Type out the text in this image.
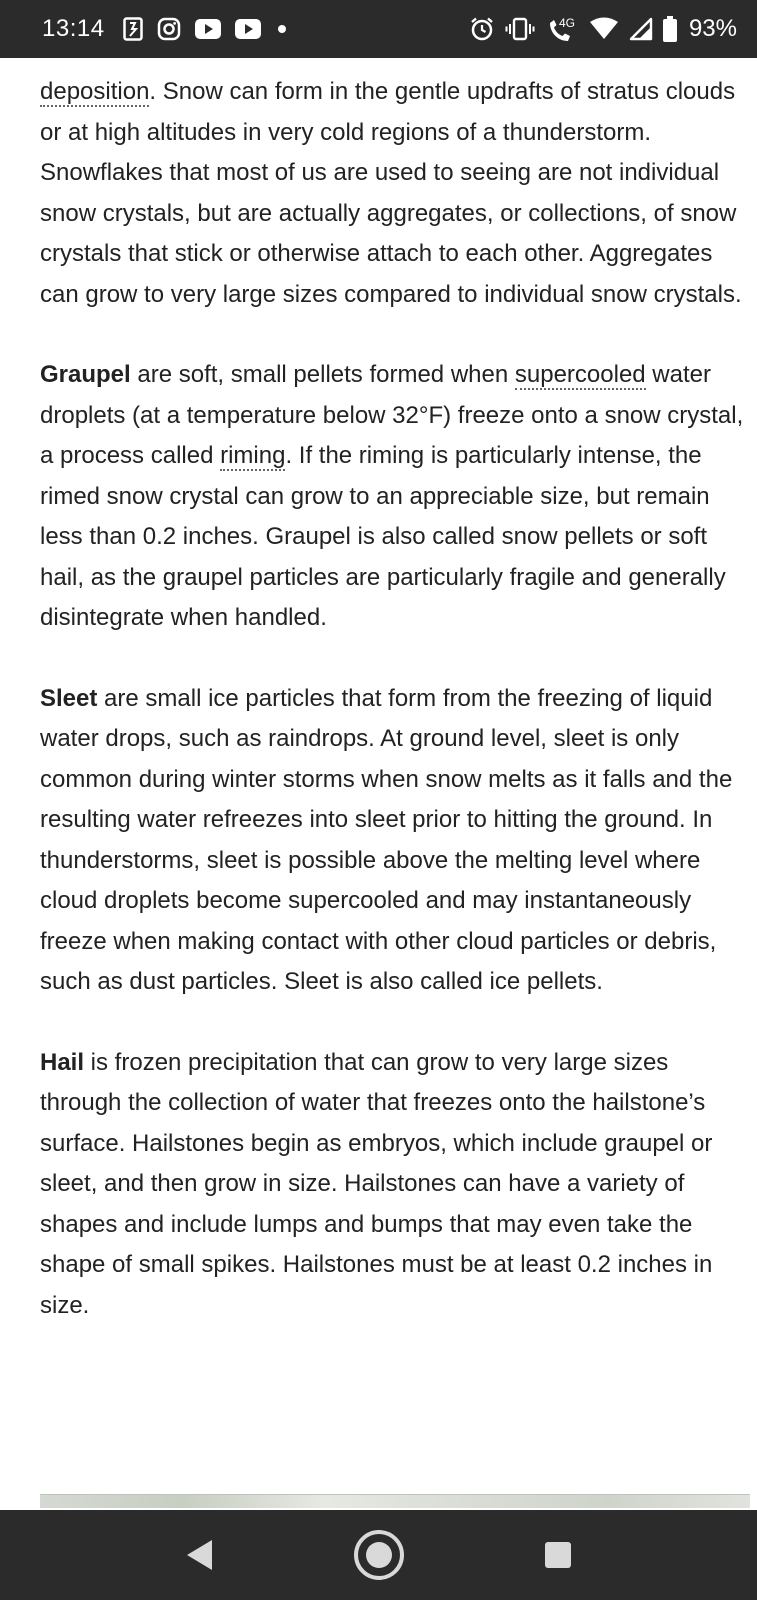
13:14	4G	93%

deposition. Snow can form in the gentle updrafts of stratus clouds or at high altitudes in very cold regions of a thunderstorm. Snowflakes that most of us are used to seeing are not individual snow crystals, but are actually aggregates, or collections, of snow crystals that stick or otherwise attach to each other. Aggregates can grow to very large sizes compared to individual snow crystals.

Graupel are soft, small pellets formed when supercooled water droplets (at a temperature below 32°F) freeze onto a snow crystal, a process called riming. If the riming is particularly intense, the rimed snow crystal can grow to an appreciable size, but remain less than 0.2 inches. Graupel is also called snow pellets or soft hail, as the graupel particles are particularly fragile and generally disintegrate when handled.

Sleet are small ice particles that form from the freezing of liquid water drops, such as raindrops. At ground level, sleet is only common during winter storms when snow melts as it falls and the resulting water refreezes into sleet prior to hitting the ground. In thunderstorms, sleet is possible above the melting level where cloud droplets become supercooled and may instantaneously freeze when making contact with other cloud particles or debris, such as dust particles. Sleet is also called ice pellets.

Hail is frozen precipitation that can grow to very large sizes through the collection of water that freezes onto the hailstone’s surface. Hailstones begin as embryos, which include graupel or sleet, and then grow in size. Hailstones can have a variety of shapes and include lumps and bumps that may even take the shape of small spikes. Hailstones must be at least 0.2 inches in size.
